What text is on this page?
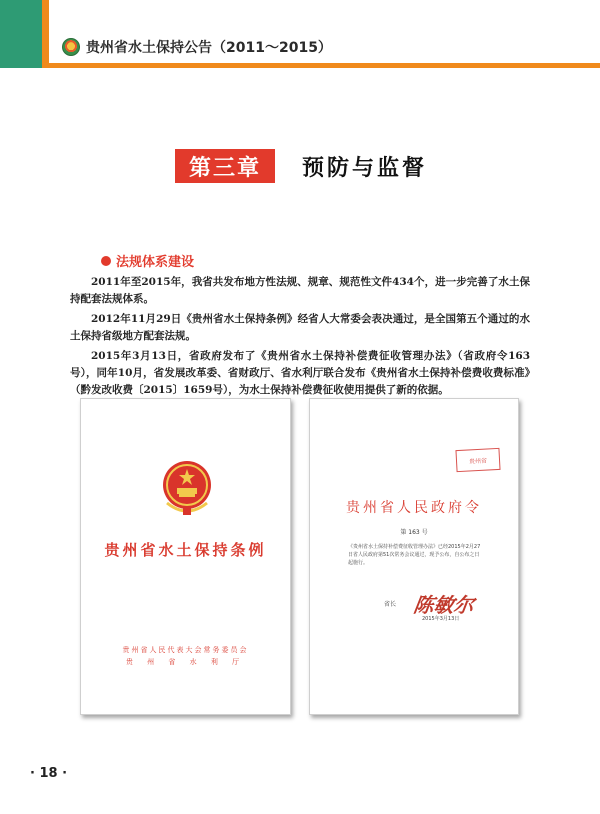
贵州省水土保持公告（2011～2015）
第三章	预防与监督
法规体系建设

2011年至2015年，我省共发布地方性法规、规章、规范性文件434个，进一步完善了水土保持配套法规体系。

2012年11月29日《贵州省水土保持条例》经省人大常委会表决通过，是全国第五个通过的水土保持省级地方配套法规。

2015年3月13日，省政府发布了《贵州省水土保持补偿费征收管理办法》（省政府令163号），同年10月，省发展改革委、省财政厅、省水利厅联合发布《贵州省水土保持补偿费收费标准》（黔发改收费〔2015〕1659号），为水土保持补偿费征收使用提供了新的依据。

贵州省水土保持条例
贵州省人民代表大会常务委员会
贵 州 省 水 利 厅
贵州省
贵州省人民政府令
第 163 号
《贵州省水土保持补偿费征收管理办法》已经2015年2月27日省人民政府第51次常务会议通过，现予公布，自公布之日起施行。
省长 陈敏尔
2015年3月13日
· 18 ·
